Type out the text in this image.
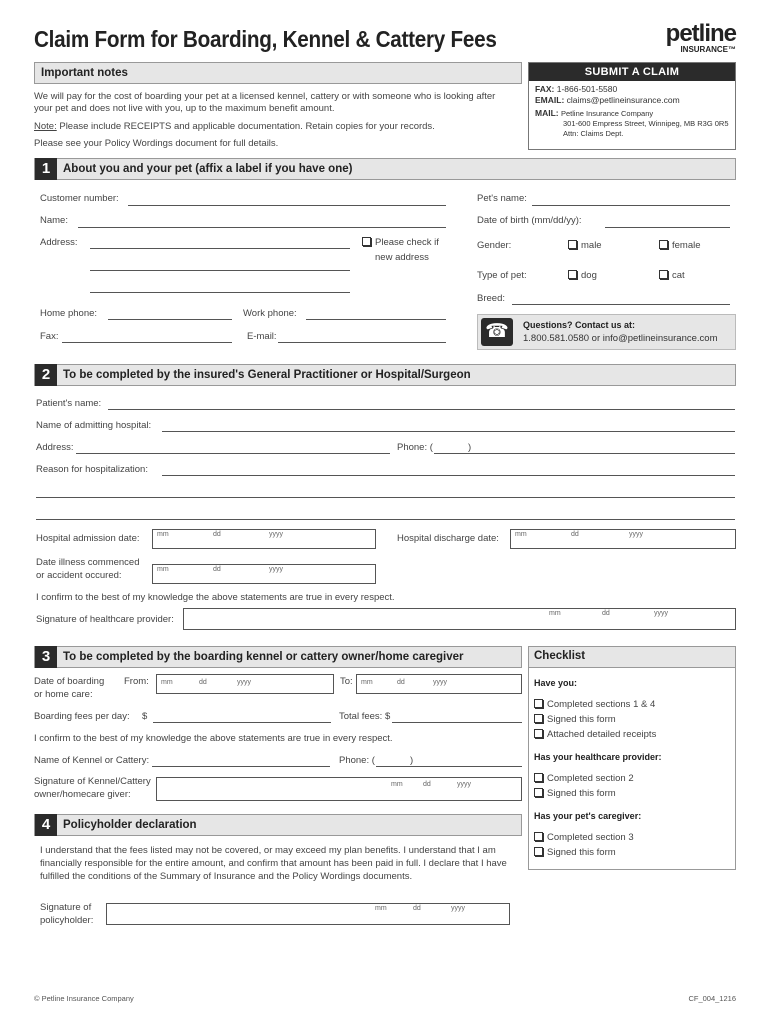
Claim Form for Boarding, Kennel & Cattery Fees	petline
INSURANCE™
Important notes
We will pay for the cost of boarding your pet at a licensed kennel, cattery or with someone who is looking after your pet and does not live with you, up to the maximum benefit amount.
Note: Please include RECEIPTS and applicable documentation. Retain copies for your records.
Please see your Policy Wordings document for full details.
SUBMIT A CLAIM
FAX: 1-866-501-5580
EMAIL: claims@petlineinsurance.com
MAIL: Petline Insurance Company
301-600 Empress Street, Winnipeg, MB R3G 0R5
Attn: Claims Dept.
1	About you and your pet (affix a label if you have one)
Customer number:
Name:
Address:	Please check if
new address
Home phone:	Work phone:
Fax:	E-mail:
Pet's name:
Date of birth (mm/dd/yy):
Gender:	male	female
Type of pet:	dog	cat
Breed:
☎	Questions? Contact us at:
1.800.581.0580 or info@petlineinsurance.com
2	To be completed by the insured's General Practitioner or Hospital/Surgeon
Patient's name:
Name of admitting hospital:
Address:	Phone: (	)
Reason for hospitalization:
Hospital admission date:	mm	dd	yyyy	Hospital discharge date: mm	dd	yyyy
Date illness commenced
or accident occured:
mm	dd	yyyy
I confirm to the best of my knowledge the above statements are true in every respect.
Signature of healthcare provider:
mm	dd	yyyy
3	To be completed by the boarding kennel or cattery owner/home caregiver
Date of boarding
or home care:
From: mm	dd	yyyy	To: mm	dd	yyyy
Boarding fees per day: $	Total fees: $
I confirm to the best of my knowledge the above statements are true in every respect.
Name of Kennel or Cattery:	Phone: (	)
Signature of Kennel/Cattery
owner/homecare giver:
mm	dd	yyyy
4	Policyholder declaration
I understand that the fees listed may not be covered, or may exceed my plan benefits. I understand that I am financially responsible for the entire amount, and confirm that amount has been paid in full. I declare that I have fulfilled the conditions of the Summary of Insurance and the Policy Wordings documents.
Signature of
policyholder:
mm	dd	yyyy
Checklist
Have you:
Completed sections 1 & 4
Signed this form
Attached detailed receipts
Has your healthcare provider:
Completed section 2
Signed this form
Has your pet's caregiver:
Completed section 3
Signed this form
© Petline Insurance Company	CF_004_1216
